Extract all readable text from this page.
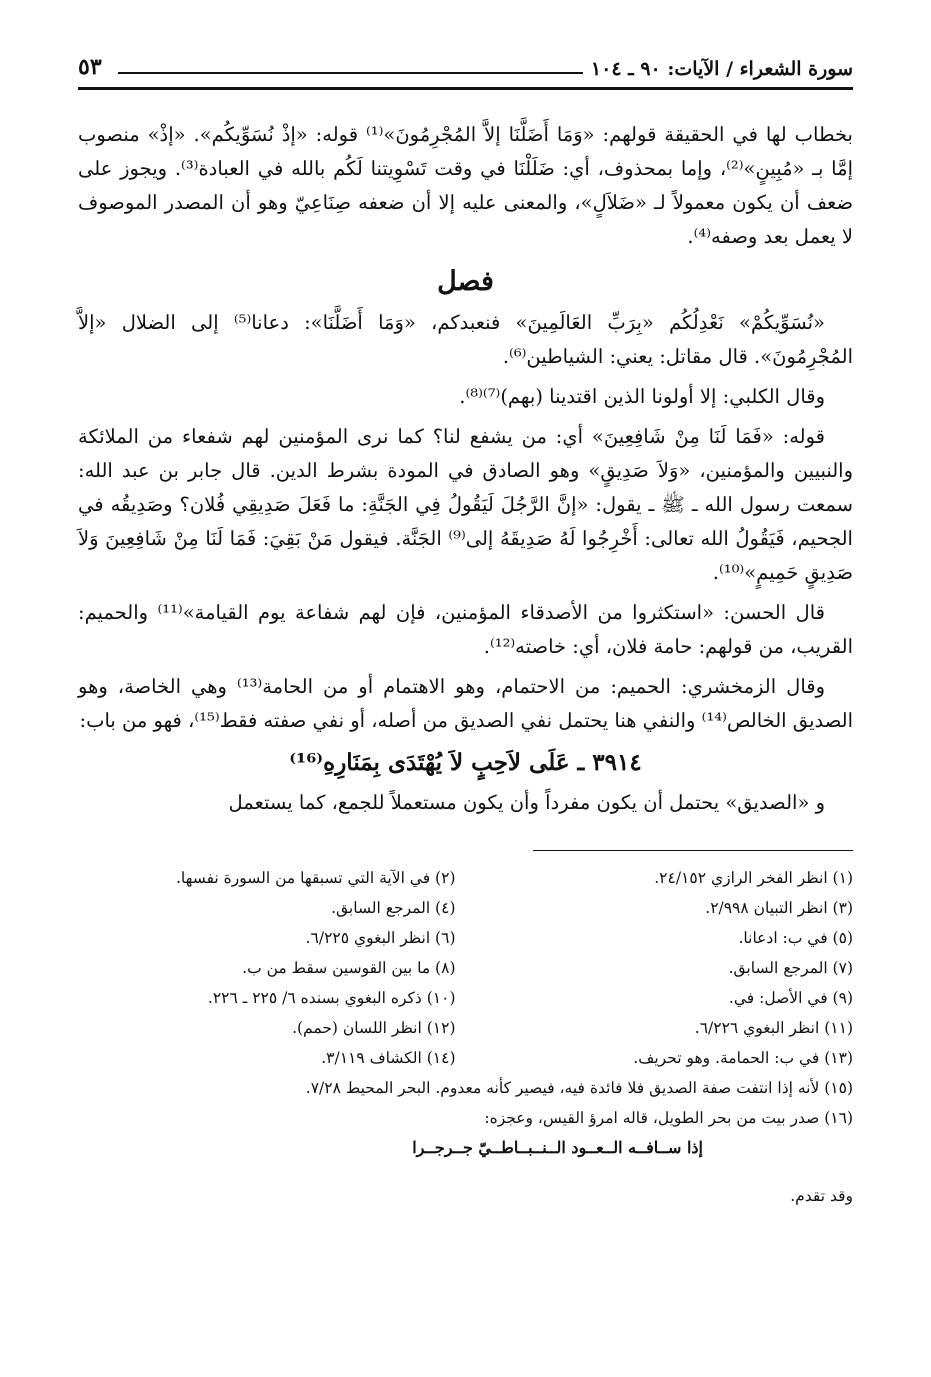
سورة الشعراء / الآيات: ٩٠ ـ ١٠٤
٥٣

بخطاب لها في الحقيقة قولهم: «وَمَا أَضَلَّنَا إلاَّ المُجْرِمُونَ»⁽¹⁾ قوله: «إذْ نُسَوِّيكُم». «إذْ» منصوب إمَّا بـ «مُبِينٍ»⁽²⁾، وإما بمحذوف، أي: ضَلَلْنَا في وقت تَسْوِيتنا لَكُم بالله في العبادة⁽³⁾. ويجوز على ضعف أن يكون معمولاً لـ «ضَلاَلٍ»، والمعنى عليه إلا أن ضعفه صِنَاعِيّ وهو أن المصدر الموصوف لا يعمل بعد وصفه⁽⁴⁾.

فصل

«نُسَوِّيكُمْ» نَعْدِلُكُم «بِرَبِّ العَالَمِينَ» فنعبدكم، «وَمَا أَضَلَّنَا»: دعانا⁽⁵⁾ إلى الضلال «إلاَّ المُجْرِمُونَ». قال مقاتل: يعني: الشياطين⁽⁶⁾.

وقال الكلبي: إلا أولونا الذين اقتدينا (بهم)⁽⁷⁾⁽⁸⁾.

قوله: «فَمَا لَنَا مِنْ شَافِعِينَ» أي: من يشفع لنا؟ كما نرى المؤمنين لهم شفعاء من الملائكة والنبيين والمؤمنين، «وَلاَ صَدِيقٍ» وهو الصادق في المودة بشرط الدين. قال جابر بن عبد الله: سمعت رسول الله ـ ﷺ ـ يقول: «إنَّ الرَّجُلَ لَيَقُولُ فِي الجَنَّةِ: ما فَعَلَ صَدِيقِي فُلان؟ وصَدِيقُه في الجحيم، فَيَقُولُ الله تعالى: أَخْرِجُوا لَهُ صَدِيقَهُ إلى⁽⁹⁾ الجَنَّة. فيقول مَنْ بَقِيَ: فَمَا لَنَا مِنْ شَافِعِينَ وَلاَ صَدِيقٍ حَمِيمٍ»⁽¹⁰⁾.

قال الحسن: «استكثروا من الأصدقاء المؤمنين، فإن لهم شفاعة يوم القيامة»⁽¹¹⁾ والحميم: القريب، من قولهم: حامة فلان، أي: خاصته⁽¹²⁾.

وقال الزمخشري: الحميم: من الاحتمام، وهو الاهتمام أو من الحامة⁽¹³⁾ وهي الخاصة، وهو الصديق الخالص⁽¹⁴⁾ والنفي هنا يحتمل نفي الصديق من أصله، أو نفي صفته فقط⁽¹⁵⁾، فهو من باب:

٣٩١٤ ـ عَلَى لاَحِبٍ لاَ يُهْتَدَى بِمَنَارِهِ⁽¹⁶⁾

و «الصديق» يحتمل أن يكون مفرداً وأن يكون مستعملاً للجمع، كما يستعمل

(١) انظر الفخر الرازي ٢٤/١٥٢.
(٢) في الآية التي تسبقها من السورة نفسها.
(٣) انظر التبيان ٢/٩٩٨.
(٤) المرجع السابق.
(٥) في ب: ادعانا.
(٦) انظر البغوي ٦/٢٢٥.
(٧) المرجع السابق.
(٨) ما بين القوسين سقط من ب.
(٩) في الأصل: في.
(١٠) ذكره البغوي بسنده ٦/ ٢٢٥ ـ ٢٢٦.
(١١) انظر البغوي ٦/٢٢٦.
(١٢) انظر اللسان (حمم).
(١٣) في ب: الحمامة. وهو تحريف.
(١٤) الكشاف ٣/١١٩.
(١٥) لأنه إذا انتفت صفة الصديق فلا فائدة فيه، فيصير كأنه معدوم. البحر المحيط ٧/٢٨.
(١٦) صدر بيت من بحر الطويل، قاله امرؤ القيس، وعجزه:
إذا ســافــه الــعــود الــنــبــاطــيّ جــرجــرا
وقد تقدم.
